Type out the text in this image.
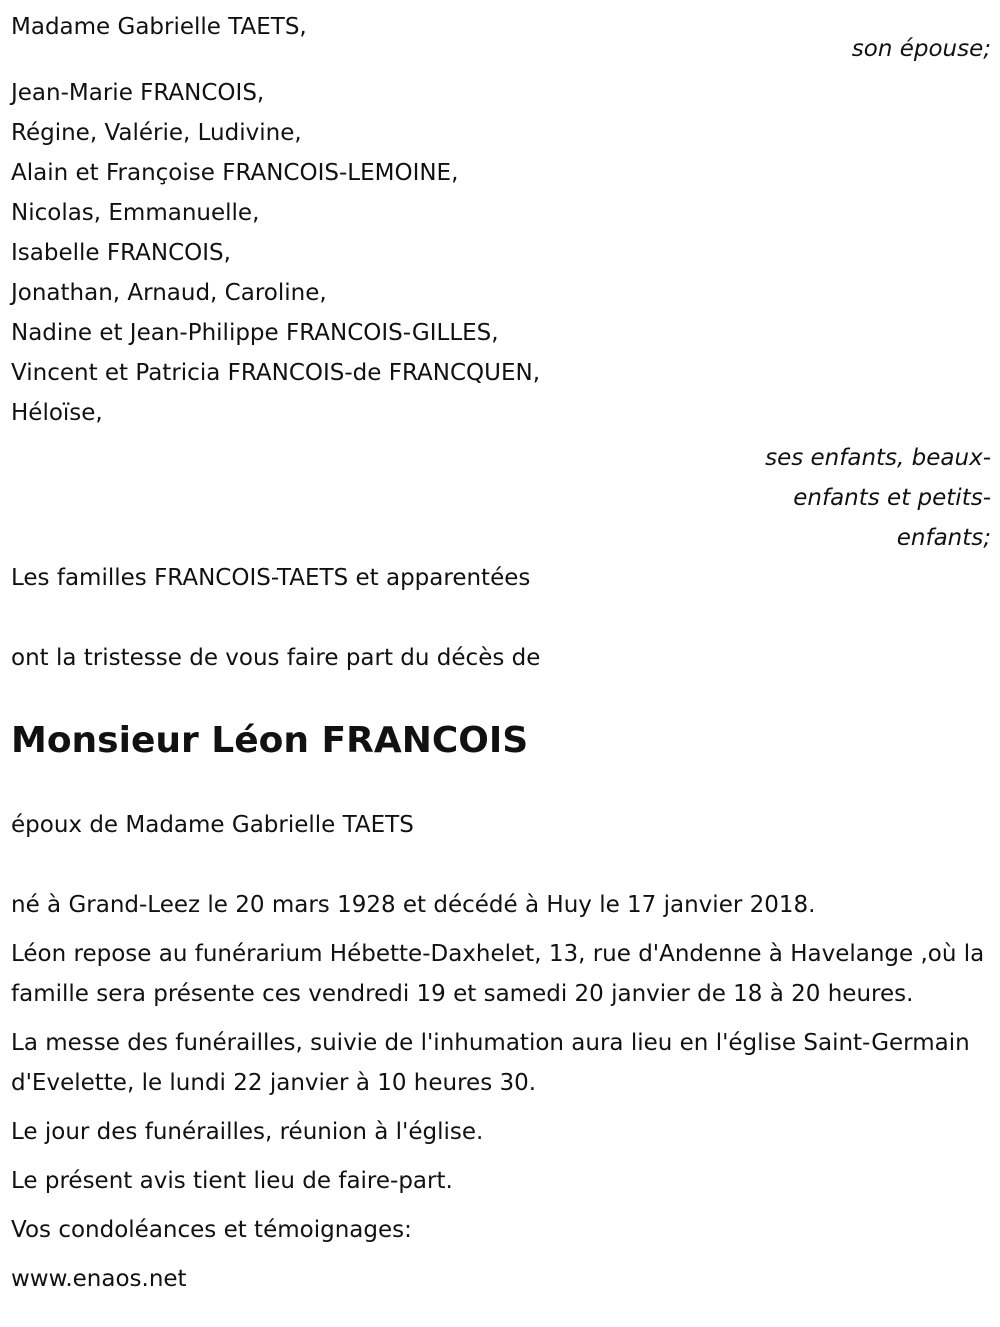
Madame Gabrielle TAETS,
son épouse;
Jean-Marie FRANCOIS,
Régine, Valérie, Ludivine,
Alain et Françoise FRANCOIS-LEMOINE,
Nicolas, Emmanuelle,
Isabelle FRANCOIS,
Jonathan, Arnaud, Caroline,
Nadine et Jean-Philippe FRANCOIS-GILLES,
Vincent et Patricia FRANCOIS-de FRANCQUEN,
Héloïse,
ses enfants, beaux-enfants et petits-enfants;
Les familles FRANCOIS-TAETS et apparentées
ont la tristesse de vous faire part du décès de
Monsieur Léon FRANCOIS
époux de Madame Gabrielle TAETS
né à Grand-Leez le 20 mars 1928 et décédé à Huy le 17 janvier 2018.
Léon repose au funérarium Hébette-Daxhelet, 13, rue d'Andenne à Havelange ,où la famille sera présente ces vendredi 19 et samedi 20 janvier de 18 à 20 heures.
La messe des funérailles, suivie de l'inhumation aura lieu en l'église Saint-Germain d'Evelette, le lundi 22 janvier à 10 heures 30.
Le jour des funérailles, réunion à l'église.
Le présent avis tient lieu de faire-part.
Vos condoléances et témoignages:
www.enaos.net
